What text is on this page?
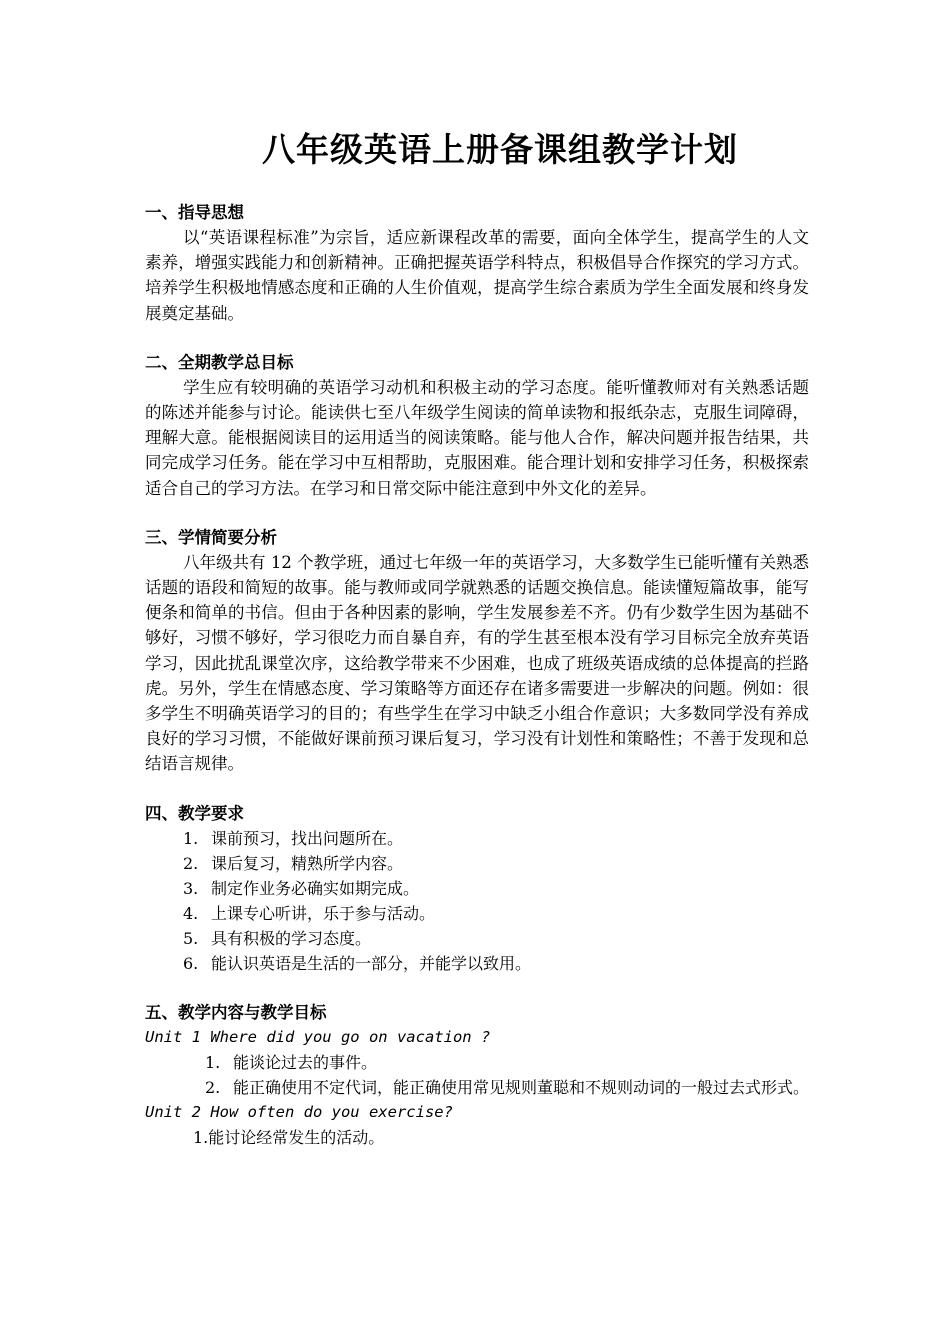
八年级英语上册备课组教学计划
一、指导思想
以“英语课程标准”为宗旨，适应新课程改革的需要，面向全体学生，提高学生的人文素养，增强实践能力和创新精神。正确把握英语学科特点，积极倡导合作探究的学习方式。培养学生积极地情感态度和正确的人生价值观，提高学生综合素质为学生全面发展和终身发展奠定基础。
二、全期教学总目标
学生应有较明确的英语学习动机和积极主动的学习态度。能听懂教师对有关熟悉话题的陈述并能参与讨论。能读供七至八年级学生阅读的简单读物和报纸杂志，克服生词障碍，理解大意。能根据阅读目的运用适当的阅读策略。能与他人合作，解决问题并报告结果，共同完成学习任务。能在学习中互相帮助，克服困难。能合理计划和安排学习任务，积极探索适合自己的学习方法。在学习和日常交际中能注意到中外文化的差异。
三、学情简要分析
八年级共有 12 个教学班，通过七年级一年的英语学习，大多数学生已能听懂有关熟悉话题的语段和简短的故事。能与教师或同学就熟悉的话题交换信息。能读懂短篇故事，能写便条和简单的书信。但由于各种因素的影响，学生发展参差不齐。仍有少数学生因为基础不够好，习惯不够好，学习很吃力而自暴自弃，有的学生甚至根本没有学习目标完全放弃英语学习，因此扰乱课堂次序，这给教学带来不少困难，也成了班级英语成绩的总体提高的拦路虎。另外，学生在情感态度、学习策略等方面还存在诸多需要进一步解决的问题。例如：很多学生不明确英语学习的目的；有些学生在学习中缺乏小组合作意识；大多数同学没有养成良好的学习习惯，不能做好课前预习课后复习，学习没有计划性和策略性；不善于发现和总结语言规律。
四、教学要求
1. 课前预习，找出问题所在。
2. 课后复习，精熟所学内容。
3. 制定作业务必确实如期完成。
4. 上课专心听讲，乐于参与活动。
5. 具有积极的学习态度。
6. 能认识英语是生活的一部分，并能学以致用。
五、教学内容与教学目标
Unit 1 Where did you go on vacation ?
1. 能谈论过去的事件。
2. 能正确使用不定代词，能正确使用常见规则董聪和不规则动词的一般过去式形式。
Unit 2 How often do you exercise?
1.能讨论经常发生的活动。
